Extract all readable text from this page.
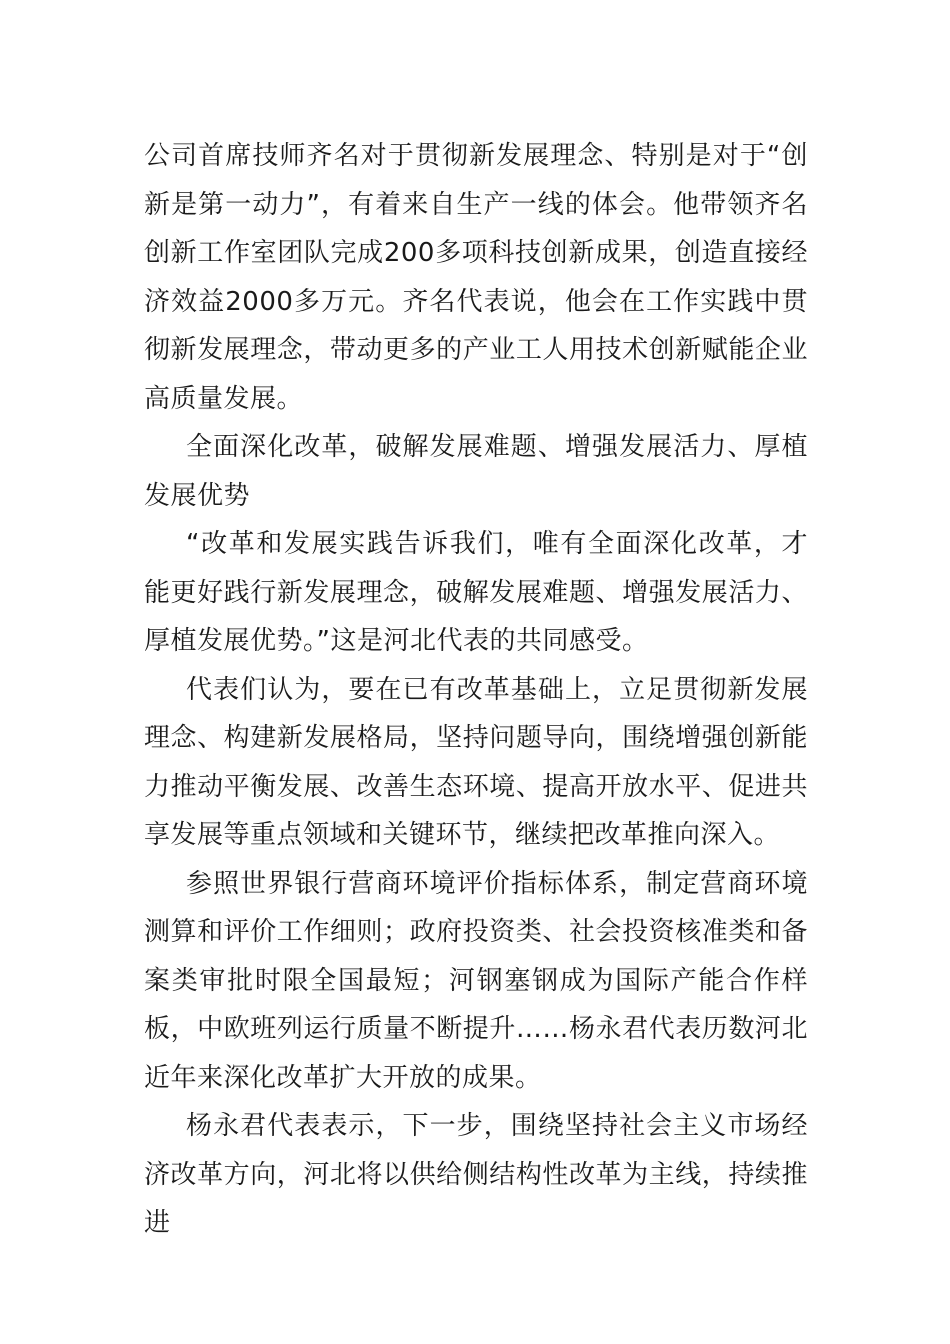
公司首席技师齐名对于贯彻新发展理念、特别是对于“创新是第一动力”，有着来自生产一线的体会。他带领齐名创新工作室团队完成200多项科技创新成果，创造直接经济效益2000多万元。齐名代表说，他会在工作实践中贯彻新发展理念，带动更多的产业工人用技术创新赋能企业高质量发展。

全面深化改革，破解发展难题、增强发展活力、厚植发展优势

“改革和发展实践告诉我们，唯有全面深化改革，才能更好践行新发展理念，破解发展难题、增强发展活力、厚植发展优势。”这是河北代表的共同感受。

代表们认为，要在已有改革基础上，立足贯彻新发展理念、构建新发展格局，坚持问题导向，围绕增强创新能力推动平衡发展、改善生态环境、提高开放水平、促进共享发展等重点领域和关键环节，继续把改革推向深入。

参照世界银行营商环境评价指标体系，制定营商环境测算和评价工作细则；政府投资类、社会投资核准类和备案类审批时限全国最短；河钢塞钢成为国际产能合作样板，中欧班列运行质量不断提升……杨永君代表历数河北近年来深化改革扩大开放的成果。

杨永君代表表示，下一步，围绕坚持社会主义市场经济改革方向，河北将以供给侧结构性改革为主线，持续推进
